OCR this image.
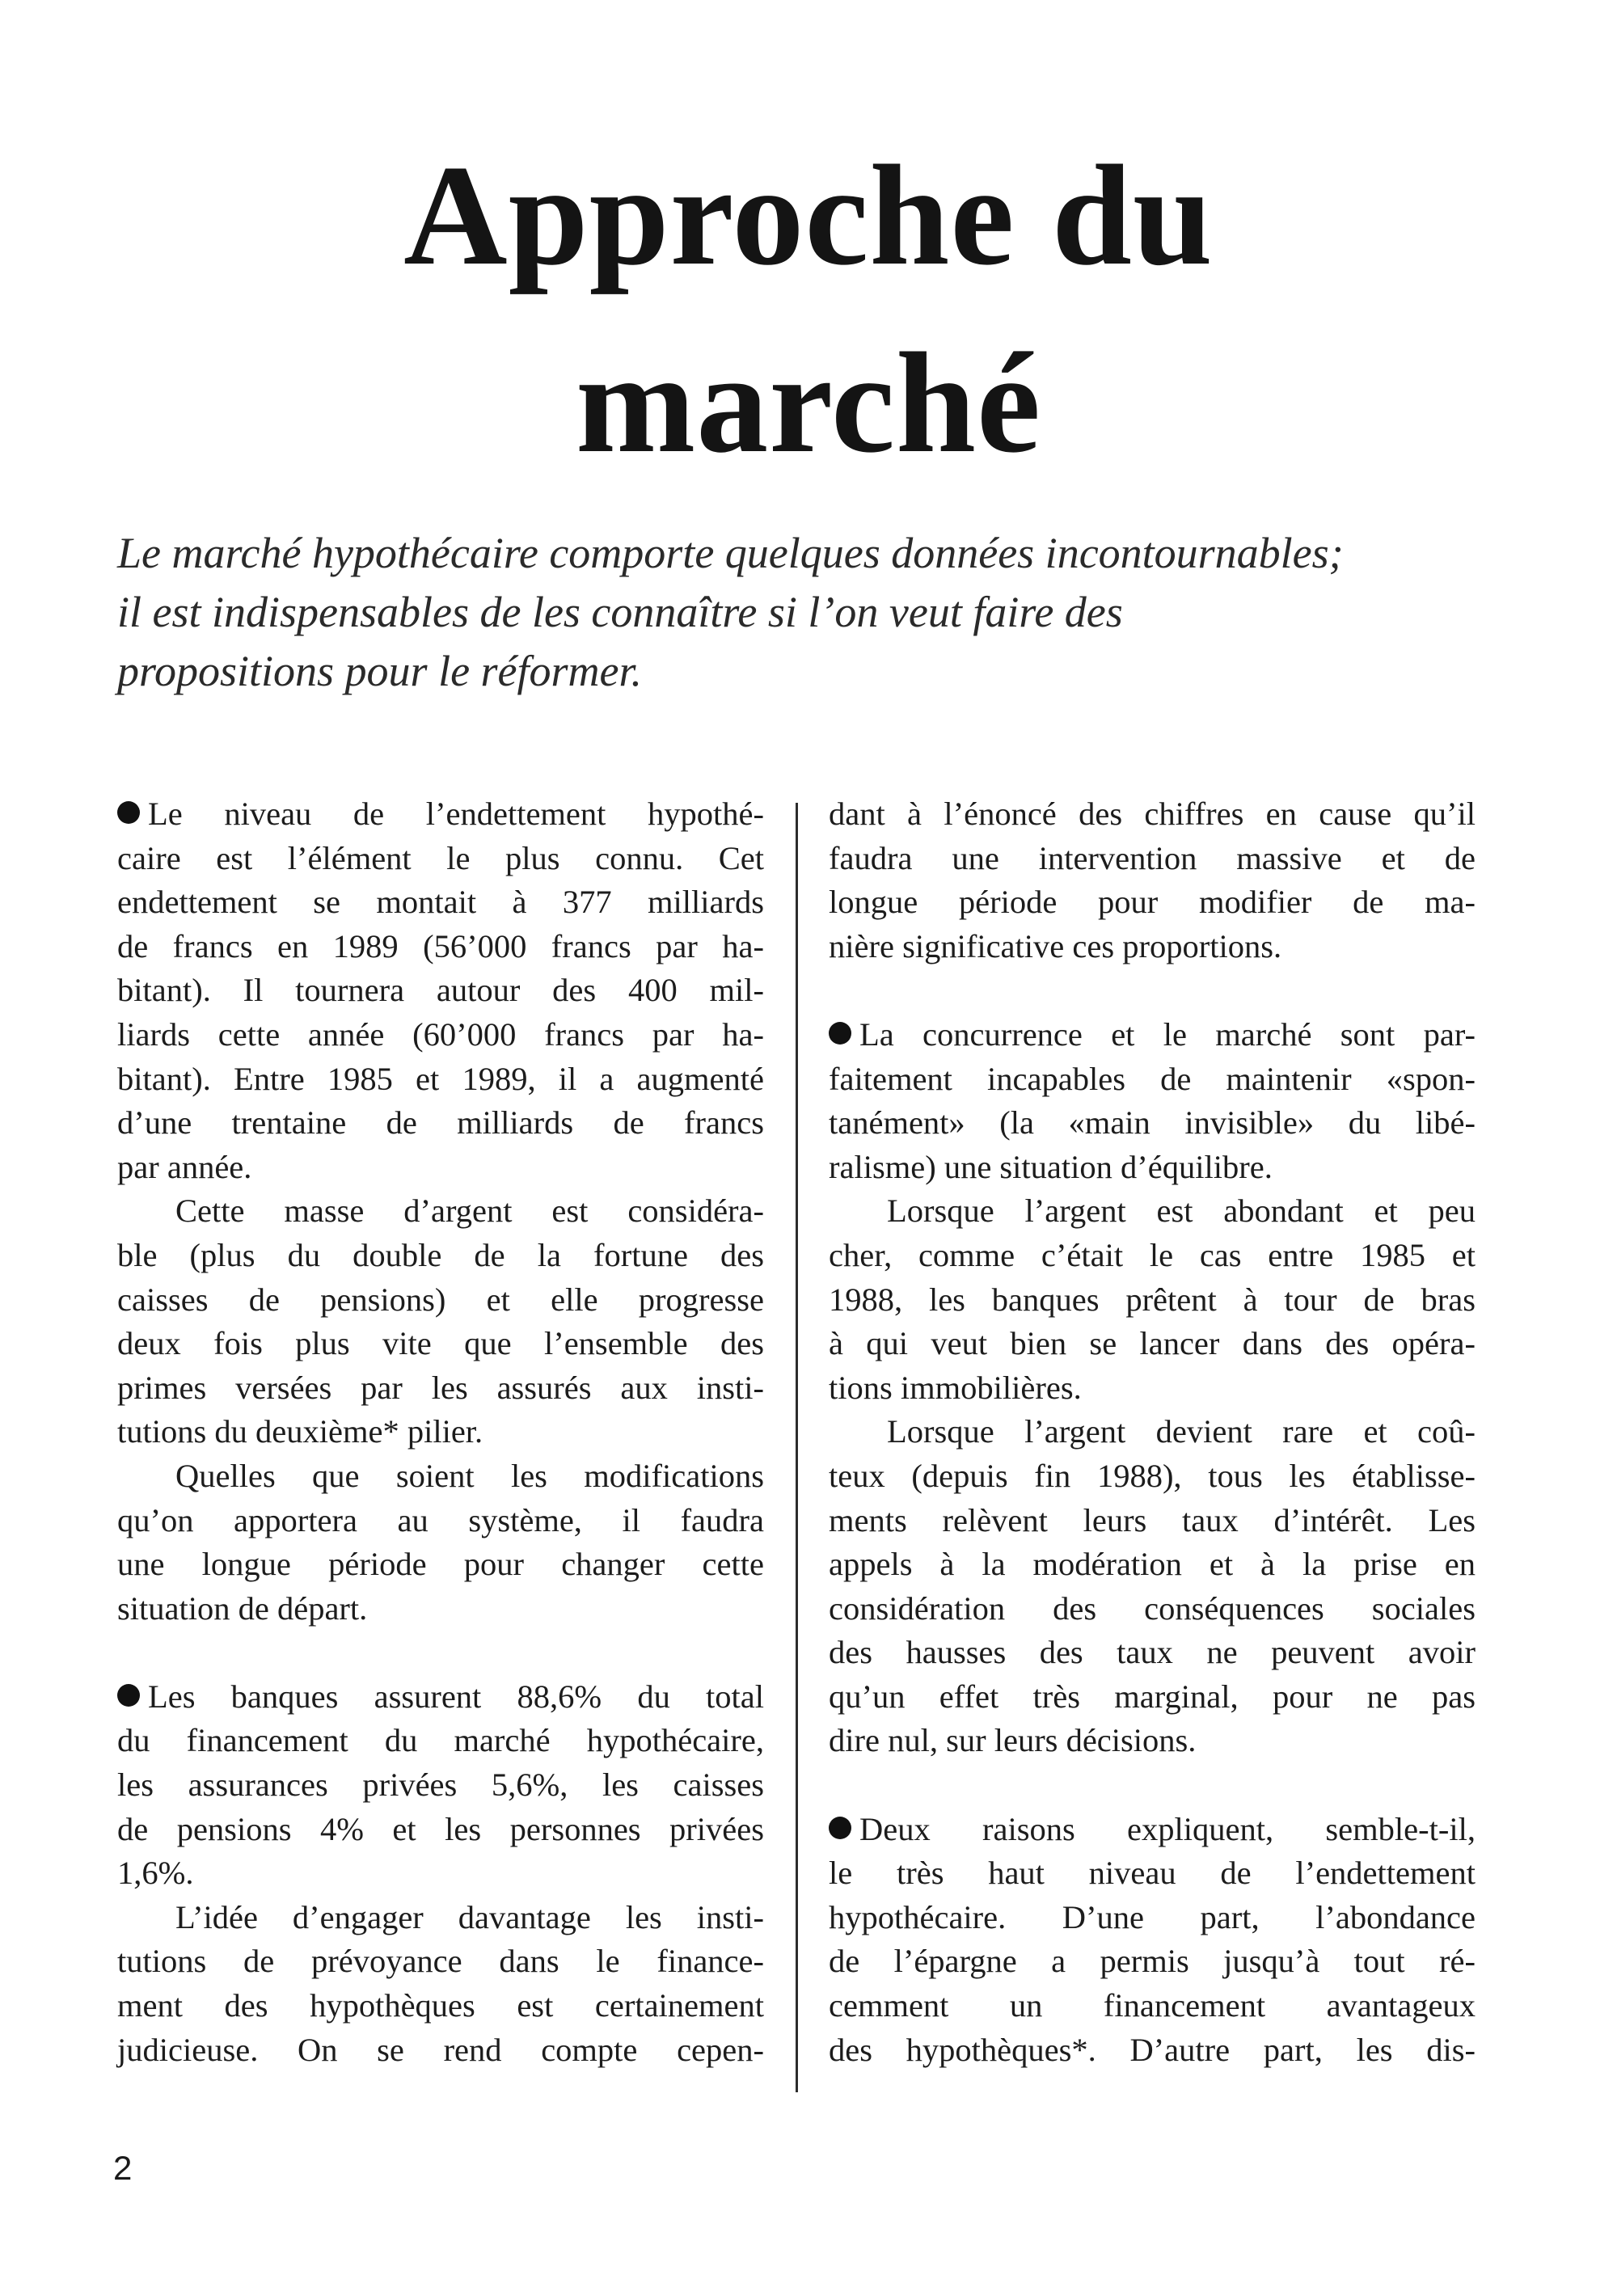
Approche du
marché

Le marché hypothécaire comporte quelques données incontournables;
il est indispensables de les connaître si l’on veut faire des
propositions pour le réformer.

Le niveau de l’endettement hypothé-
caire est l’élément le plus connu. Cet
endettement se montait à 377 milliards
de francs en 1989 (56’000 francs par ha-
bitant). Il tournera autour des 400 mil-
liards cette année (60’000 francs par ha-
bitant). Entre 1985 et 1989, il a augmenté
d’une trentaine de milliards de francs
par année.
Cette masse d’argent est considéra-
ble (plus du double de la fortune des
caisses de pensions) et elle progresse
deux fois plus vite que l’ensemble des
primes versées par les assurés aux insti-
tutions du deuxième* pilier.
Quelles que soient les modifications
qu’on apportera au système, il faudra
une longue période pour changer cette
situation de départ.
Les banques assurent 88,6% du total
du financement du marché hypothécaire,
les assurances privées 5,6%, les caisses
de pensions 4% et les personnes privées
1,6%.
L’idée d’engager davantage les insti-
tutions de prévoyance dans le finance-
ment des hypothèques est certainement
judicieuse. On se rend compte cepen-
dant à l’énoncé des chiffres en cause qu’il
faudra une intervention massive et de
longue période pour modifier de ma-
nière significative ces proportions.
La concurrence et le marché sont par-
faitement incapables de maintenir «spon-
tanément» (la «main invisible» du libé-
ralisme) une situation d’équilibre.
Lorsque l’argent est abondant et peu
cher, comme c’était le cas entre 1985 et
1988, les banques prêtent à tour de bras
à qui veut bien se lancer dans des opéra-
tions immobilières.
Lorsque l’argent devient rare et coû-
teux (depuis fin 1988), tous les établisse-
ments relèvent leurs taux d’intérêt. Les
appels à la modération et à la prise en
considération des conséquences sociales
des hausses des taux ne peuvent avoir
qu’un effet très marginal, pour ne pas
dire nul, sur leurs décisions.
Deux raisons expliquent, semble-t-il,
le très haut niveau de l’endettement
hypothécaire. D’une part, l’abondance
de l’épargne a permis jusqu’à tout ré-
cemment un financement avantageux
des hypothèques*. D’autre part, les dis-
2
